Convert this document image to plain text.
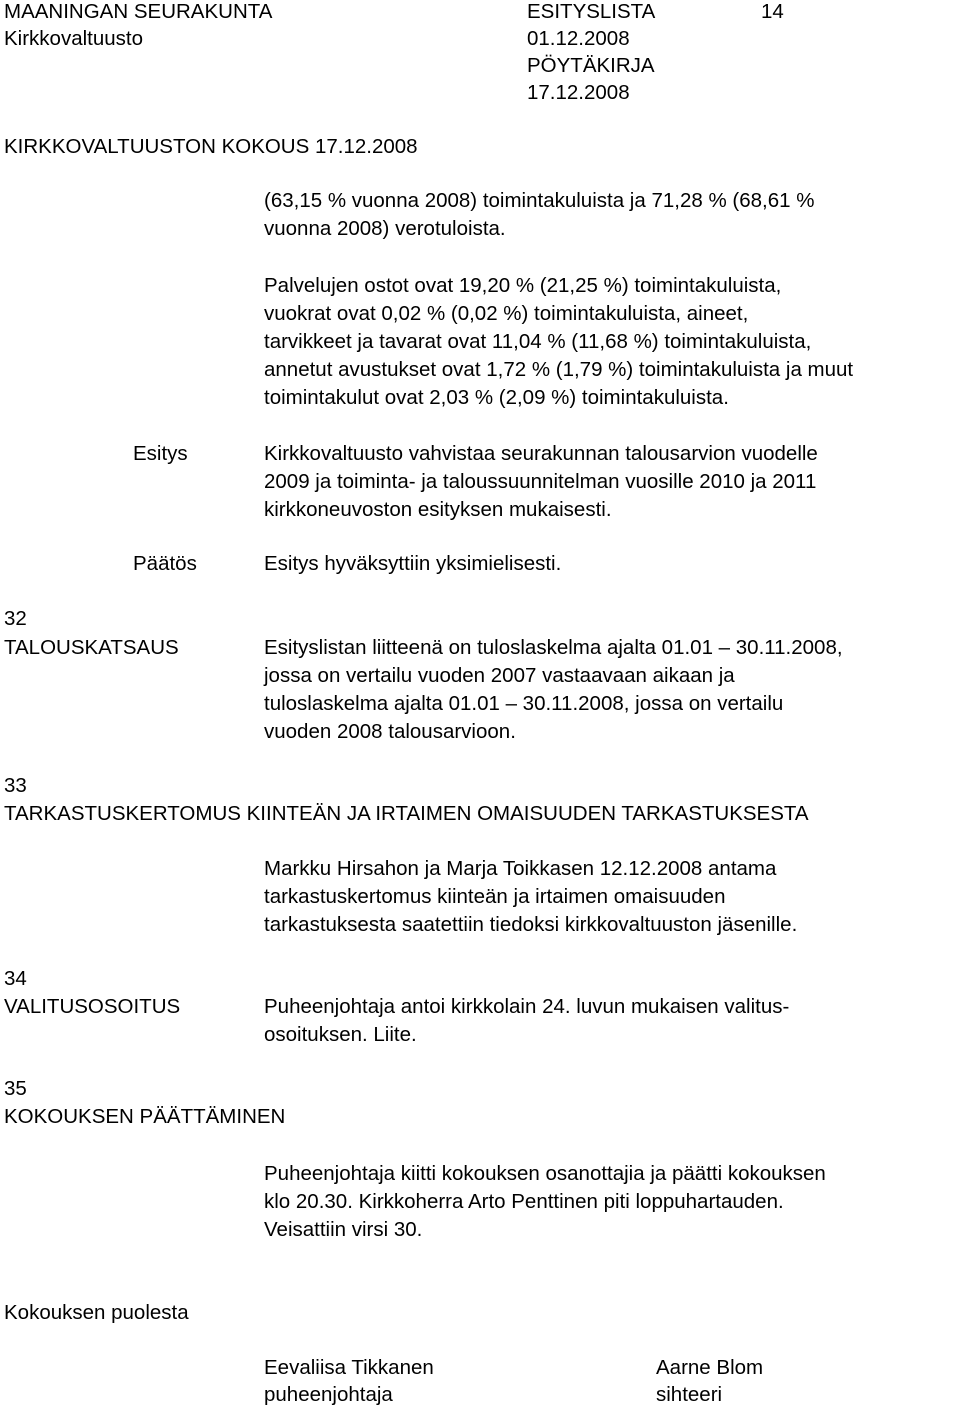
MAANINGAN SEURAKUNTA
Kirkkovaltuusto
ESITYSLISTA
01.12.2008
PÖYTÄKIRJA
17.12.2008
14
KIRKKOVALTUUSTON KOKOUS 17.12.2008
(63,15 % vuonna 2008) toimintakuluista ja 71,28 % (68,61 %
vuonna 2008) verotuloista.
Palvelujen ostot ovat 19,20 % (21,25 %) toimintakuluista,
vuokrat ovat 0,02 % (0,02 %) toimintakuluista, aineet,
tarvikkeet ja tavarat ovat 11,04 % (11,68 %) toimintakuluista,
annetut avustukset ovat 1,72 % (1,79 %) toimintakuluista ja muut
toimintakulut ovat 2,03 % (2,09 %) toimintakuluista.
Esitys	Kirkkovaltuusto vahvistaa seurakunnan talousarvion vuodelle
2009 ja toiminta- ja taloussuunnitelman vuosille 2010 ja 2011
kirkkoneuvoston esityksen mukaisesti.
Päätös	Esitys hyväksyttiin yksimielisesti.
32
TALOUSKATSAUS	Esityslistan liitteenä on tuloslaskelma ajalta 01.01 – 30.11.2008,
jossa on vertailu vuoden 2007 vastaavaan aikaan ja
tuloslaskelma ajalta 01.01 – 30.11.2008, jossa on vertailu
vuoden 2008 talousarvioon.
33
TARKASTUSKERTOMUS KIINTEÄN JA IRTAIMEN OMAISUUDEN TARKASTUKSESTA
Markku Hirsahon ja Marja Toikkasen 12.12.2008 antama
tarkastuskertomus kiinteän ja irtaimen omaisuuden
tarkastuksesta saatettiin tiedoksi kirkkovaltuuston jäsenille.
34
VALITUSOSOITUS	Puheenjohtaja antoi kirkkolain 24. luvun mukaisen valitus-
osoituksen. Liite.
35
KOKOUKSEN PÄÄTTÄMINEN
Puheenjohtaja kiitti kokouksen osanottajia ja päätti kokouksen
klo 20.30. Kirkkoherra Arto Penttinen piti loppuhartauden.
Veisattiin virsi 30.
Kokouksen puolesta
Eevaliisa Tikkanen
puheenjohtaja
Aarne Blom
sihteeri
